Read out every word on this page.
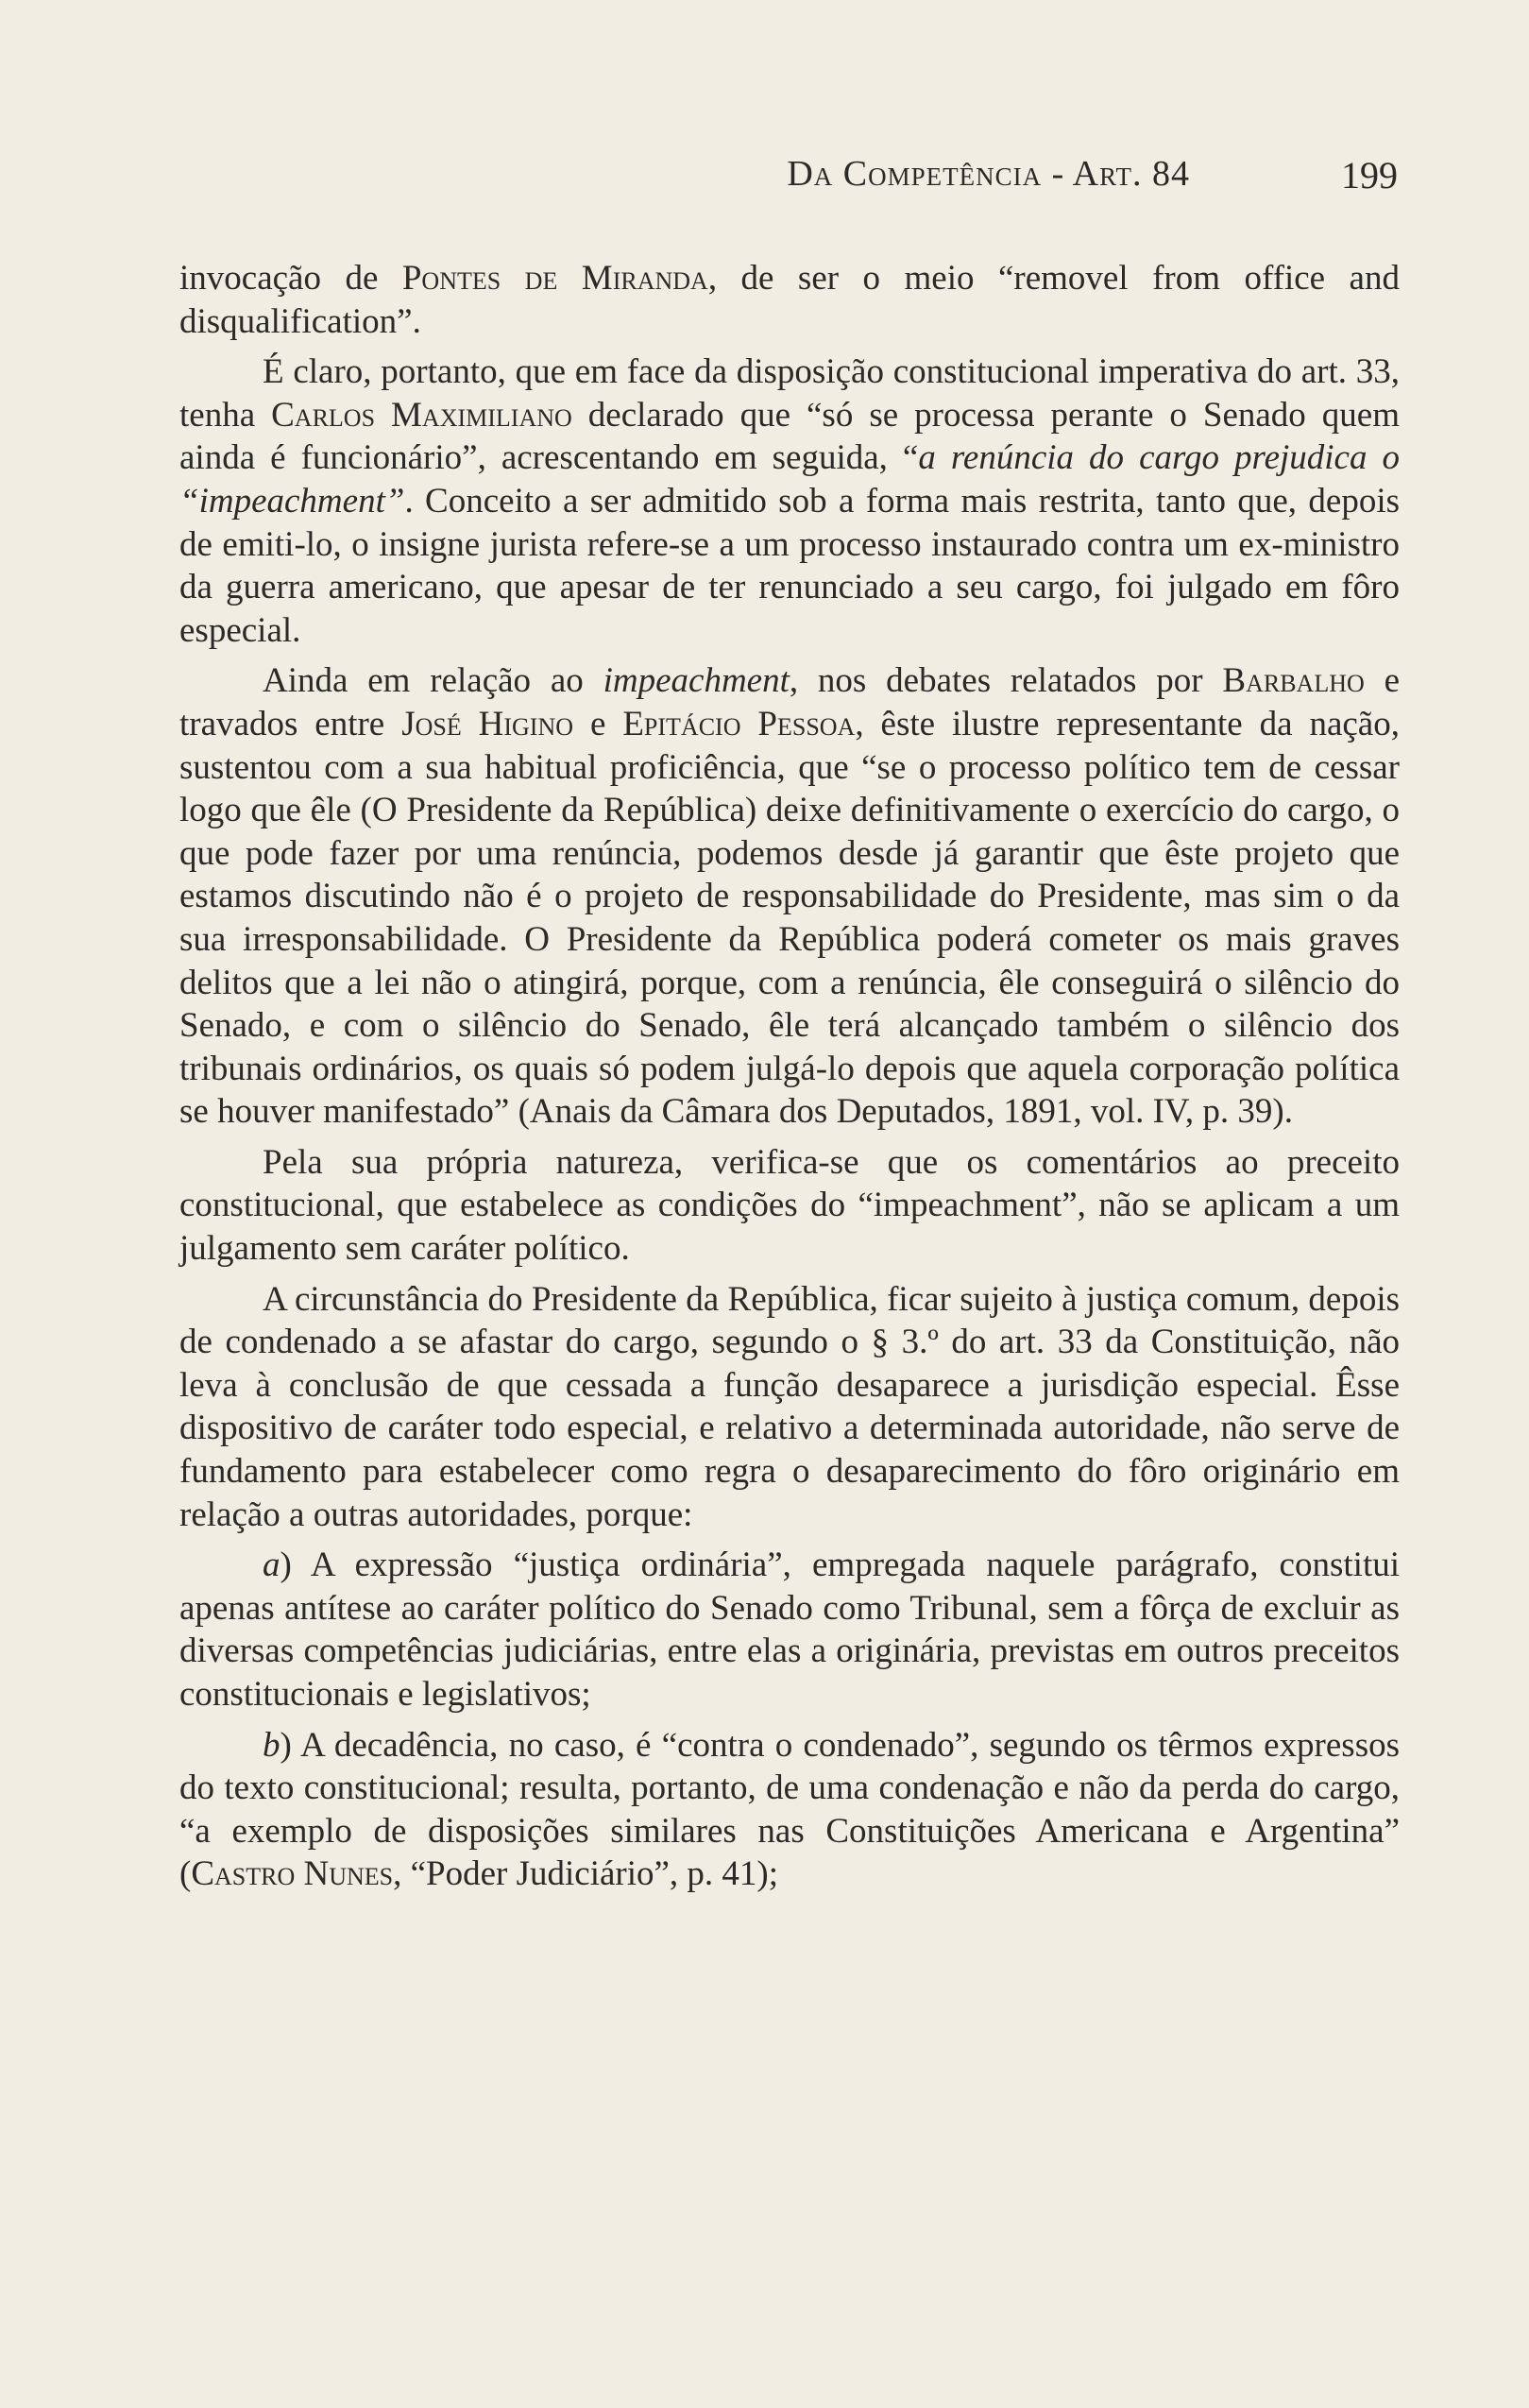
Da Competência - Art. 84	199

invocação de Pontes de Miranda, de ser o meio “removel from office and disqualification”.

É claro, portanto, que em face da disposição constitucional imperativa do art. 33, tenha Carlos Maximiliano declarado que “só se processa perante o Senado quem ainda é funcionário”, acrescentando em seguida, “a renúncia do cargo prejudica o “impeachment”. Conceito a ser admitido sob a forma mais restrita, tanto que, depois de emiti-lo, o insigne jurista refere-se a um processo instaurado contra um ex-ministro da guerra americano, que apesar de ter renunciado a seu cargo, foi julgado em fôro especial.

Ainda em relação ao impeachment, nos debates relatados por Barbalho e travados entre José Higino e Epitácio Pessoa, êste ilustre representante da nação, sustentou com a sua habitual proficiência, que “se o processo político tem de cessar logo que êle (O Presidente da República) deixe definitivamente o exercício do cargo, o que pode fazer por uma renúncia, podemos desde já garantir que êste projeto que estamos discutindo não é o projeto de responsabilidade do Presidente, mas sim o da sua irresponsabilidade. O Presidente da República poderá cometer os mais graves delitos que a lei não o atingirá, porque, com a renúncia, êle conseguirá o silêncio do Senado, e com o silêncio do Senado, êle terá alcançado também o silêncio dos tribunais ordinários, os quais só podem julgá-lo depois que aquela corporação política se houver manifestado” (Anais da Câmara dos Deputados, 1891, vol. IV, p. 39).

Pela sua própria natureza, verifica-se que os comentários ao preceito constitucional, que estabelece as condições do “impeachment”, não se aplicam a um julgamento sem caráter político.

A circunstância do Presidente da República, ficar sujeito à justiça comum, depois de condenado a se afastar do cargo, segundo o § 3.º do art. 33 da Constituição, não leva à conclusão de que cessada a função desaparece a jurisdição especial. Êsse dispositivo de caráter todo especial, e relativo a determinada autoridade, não serve de fundamento para estabelecer como regra o desaparecimento do fôro originário em relação a outras autoridades, porque:

a) A expressão “justiça ordinária”, empregada naquele parágrafo, constitui apenas antítese ao caráter político do Senado como Tribunal, sem a fôrça de excluir as diversas competências judiciárias, entre elas a originária, previstas em outros preceitos constitucionais e legislativos;

b) A decadência, no caso, é “contra o condenado”, segundo os têrmos expressos do texto constitucional; resulta, portanto, de uma condenação e não da perda do cargo, “a exemplo de disposições similares nas Constituições Americana e Argentina” (Castro Nunes, “Poder Judiciário”, p. 41);
